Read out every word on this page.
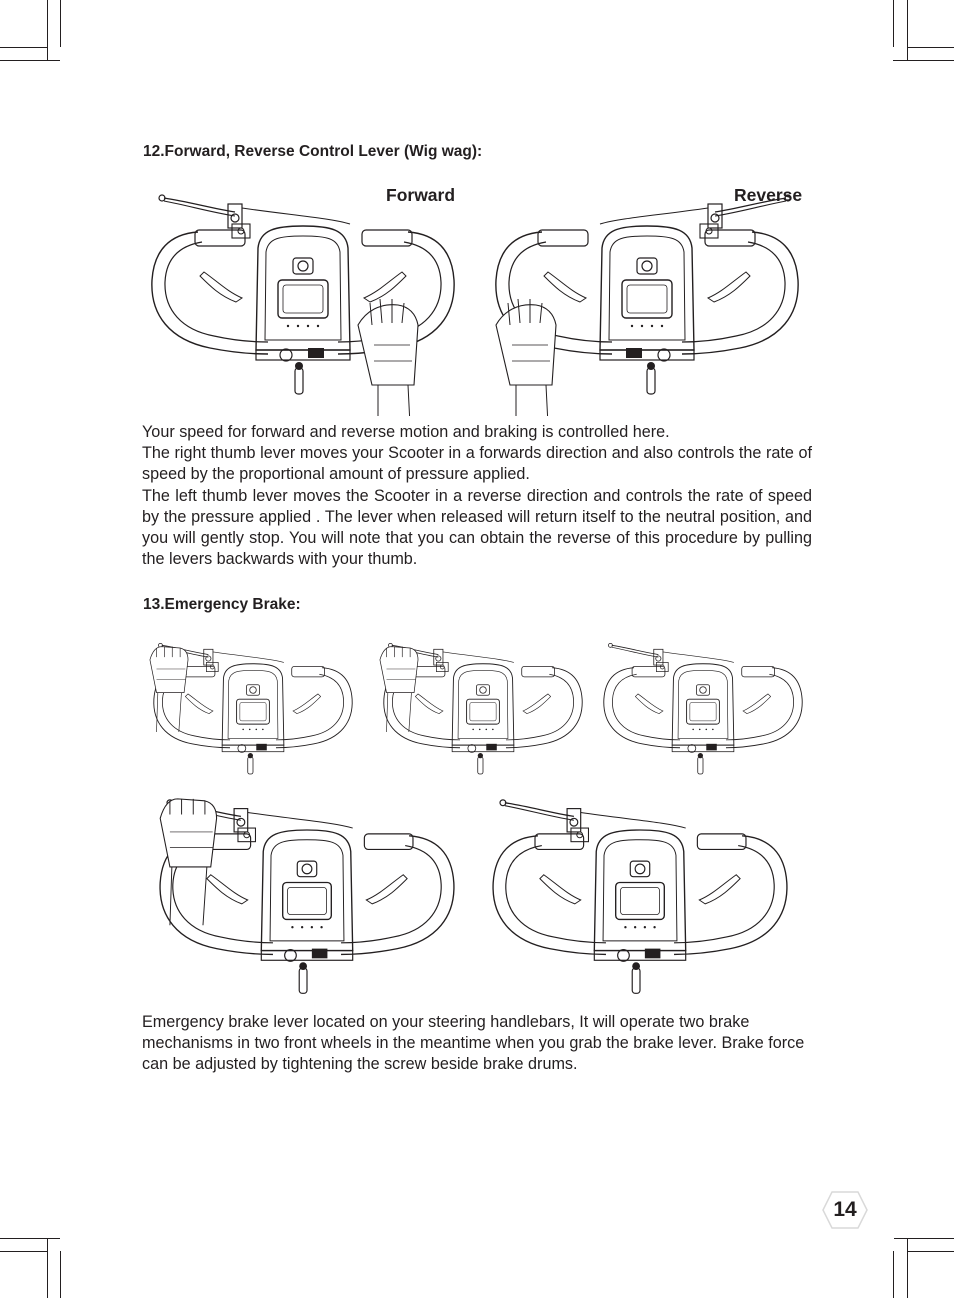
12.Forward, Reverse Control Lever (Wig wag):
Forward	Reverse

Your speed for forward and reverse motion and braking is controlled here.

The right thumb lever moves your Scooter in a forwards direction and also controls the rate of speed by the proportional amount of pressure applied.

The left thumb lever moves the Scooter in a reverse direction and controls the rate of speed by the pressure applied . The lever when released will return itself to the neutral position, and you will gently stop. You will note that you can obtain the reverse of this procedure by pulling the levers backwards with your thumb.

13.Emergency Brake:
Emergency brake lever located on your steering handlebars, It will operate two brake mechanisms in two front wheels in the meantime when you grab the brake lever. Brake force can be adjusted by tightening the screw beside brake drums.
14
